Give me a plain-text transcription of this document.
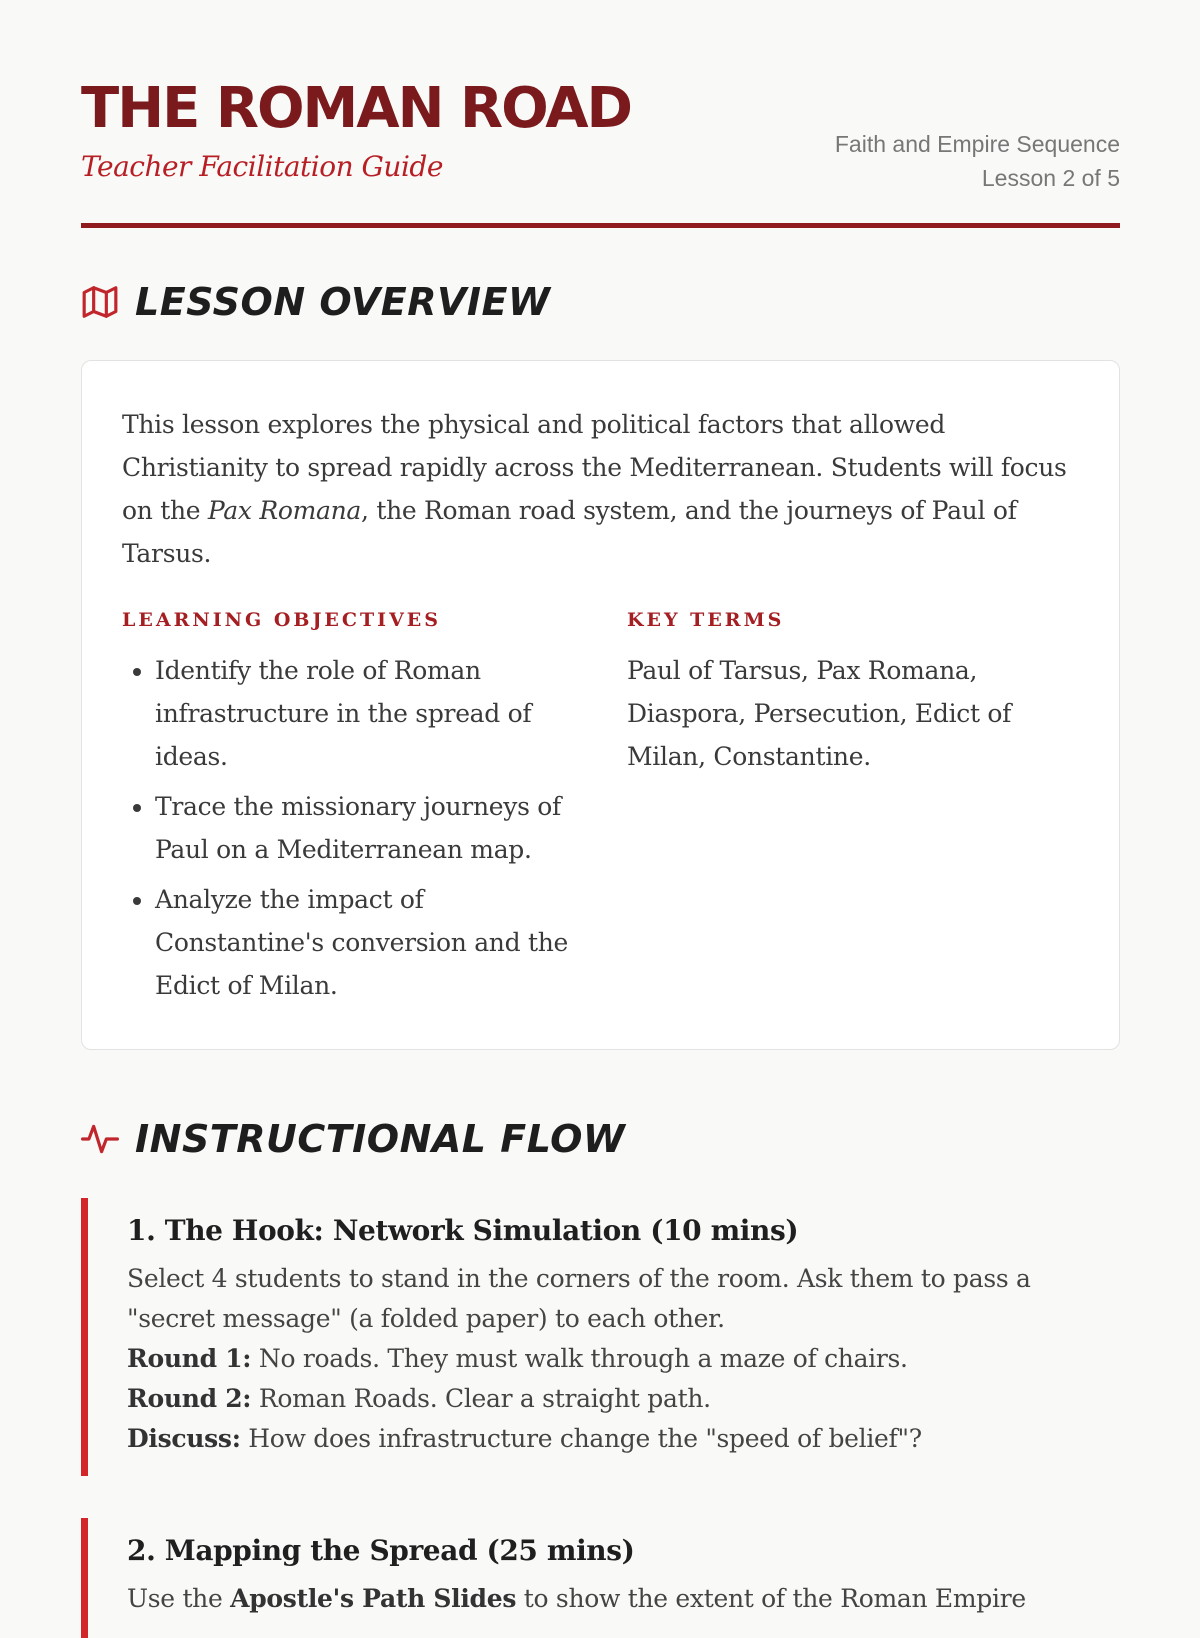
THE ROMAN ROAD

Teacher Facilitation Guide

Faith and Empire Sequence
Lesson 2 of 5
LESSON OVERVIEW

This lesson explores the physical and political factors that allowed Christianity to spread rapidly across the Mediterranean. Students will focus on the Pax Romana, the Roman road system, and the journeys of Paul of Tarsus.

LEARNING OBJECTIVES
• Identify the role of Roman infrastructure in the spread of ideas.
• Trace the missionary journeys of Paul on a Mediterranean map.
• Analyze the impact of Constantine's conversion and the Edict of Milan.
KEY TERMS

Paul of Tarsus, Pax Romana, Diaspora, Persecution, Edict of Milan, Constantine.

INSTRUCTIONAL FLOW
1. The Hook: Network Simulation (10 mins)
Select 4 students to stand in the corners of the room. Ask them to pass a "secret message" (a folded paper) to each other.
Round 1: No roads. They must walk through a maze of chairs.
Round 2: Roman Roads. Clear a straight path.
Discuss: How does infrastructure change the "speed of belief"?
2. Mapping the Spread (25 mins)
Use the Apostle's Path Slides to show the extent of the Roman Empire
